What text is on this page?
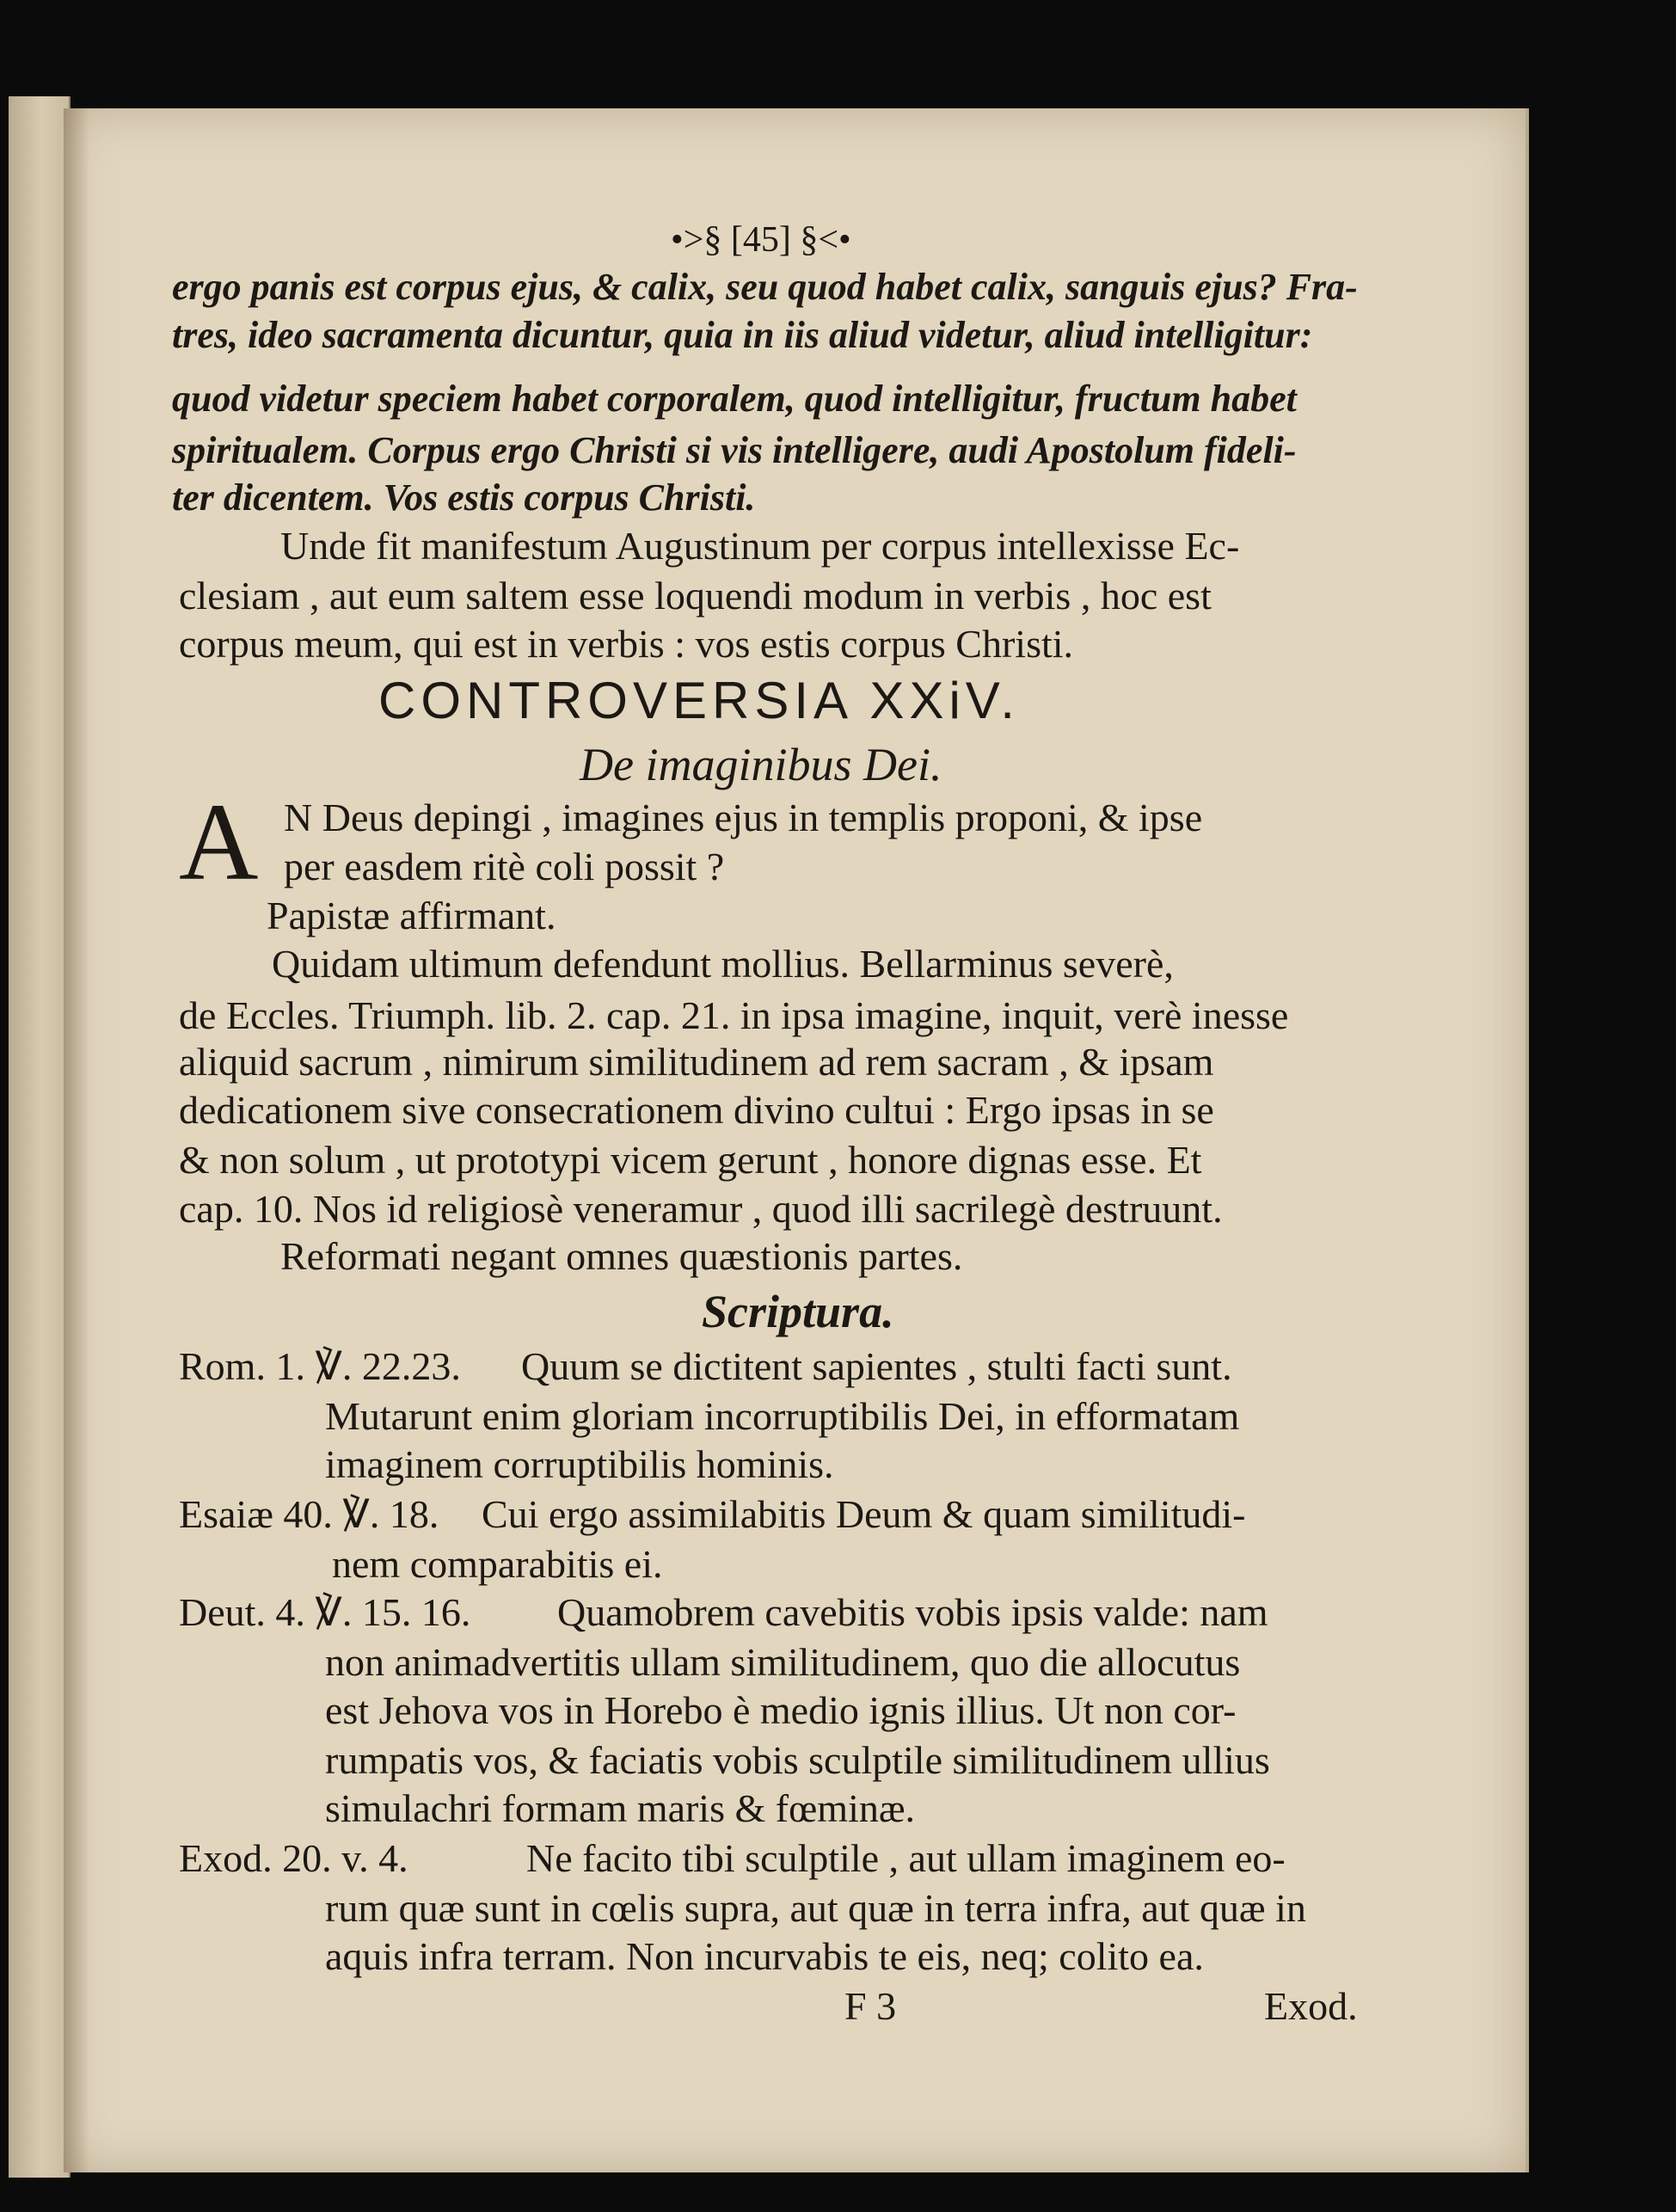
•>§ [45] §<•
ergo panis est corpus ejus, & calix, seu quod habet calix, sanguis ejus? Fra-
tres, ideo sacramenta dicuntur, quia in iis aliud videtur, aliud intelligitur:
quod videtur speciem habet corporalem, quod intelligitur, fructum habet
spiritualem. Corpus ergo Christi si vis intelligere, audi Apostolum fideli-
ter dicentem. Vos estis corpus Christi.
Unde fit manifestum Augustinum per corpus intellexisse Ec-
clesiam , aut eum saltem esse loquendi modum in verbis , hoc est
corpus meum, qui est in verbis : vos estis corpus Christi.
CONTROVERSIA XXiV.
De imaginibus Dei.
A N Deus depingi , imagines ejus in templis proponi, & ipse
per easdem ritè coli possit ?
Papistæ affirmant.
Quidam ultimum defendunt mollius. Bellarminus severè,
de Eccles. Triumph. lib. 2. cap. 21. in ipsa imagine, inquit, verè inesse
aliquid sacrum , nimirum similitudinem ad rem sacram , & ipsam
dedicationem sive consecrationem divino cultui : Ergo ipsas in se
& non solum , ut prototypi vicem gerunt , honore dignas esse. Et
cap. 10. Nos id religiosè veneramur , quod illi sacrilegè destruunt.
Reformati negant omnes quæstionis partes.
Scriptura.
Rom. 1. ℣. 22.23. Quum se dictitent sapientes , stulti facti sunt.
Mutarunt enim gloriam incorruptibilis Dei, in efformatam
imaginem corruptibilis hominis.
Esaiæ 40. ℣. 18. Cui ergo assimilabitis Deum & quam similitudi-
nem comparabitis ei.
Deut. 4. ℣. 15. 16. Quamobrem cavebitis vobis ipsis valde: nam
non animadvertitis ullam similitudinem, quo die allocutus
est Jehova vos in Horebo è medio ignis illius. Ut non cor-
rumpatis vos, & faciatis vobis sculptile similitudinem ullius
simulachri formam maris & fœminæ.
Exod. 20. v. 4.	Ne facito tibi sculptile , aut ullam imaginem eo-
rum quæ sunt in cœlis supra, aut quæ in terra infra, aut quæ in
aquis infra terram. Non incurvabis te eis, neq; colito ea.
F 3	Exod.
